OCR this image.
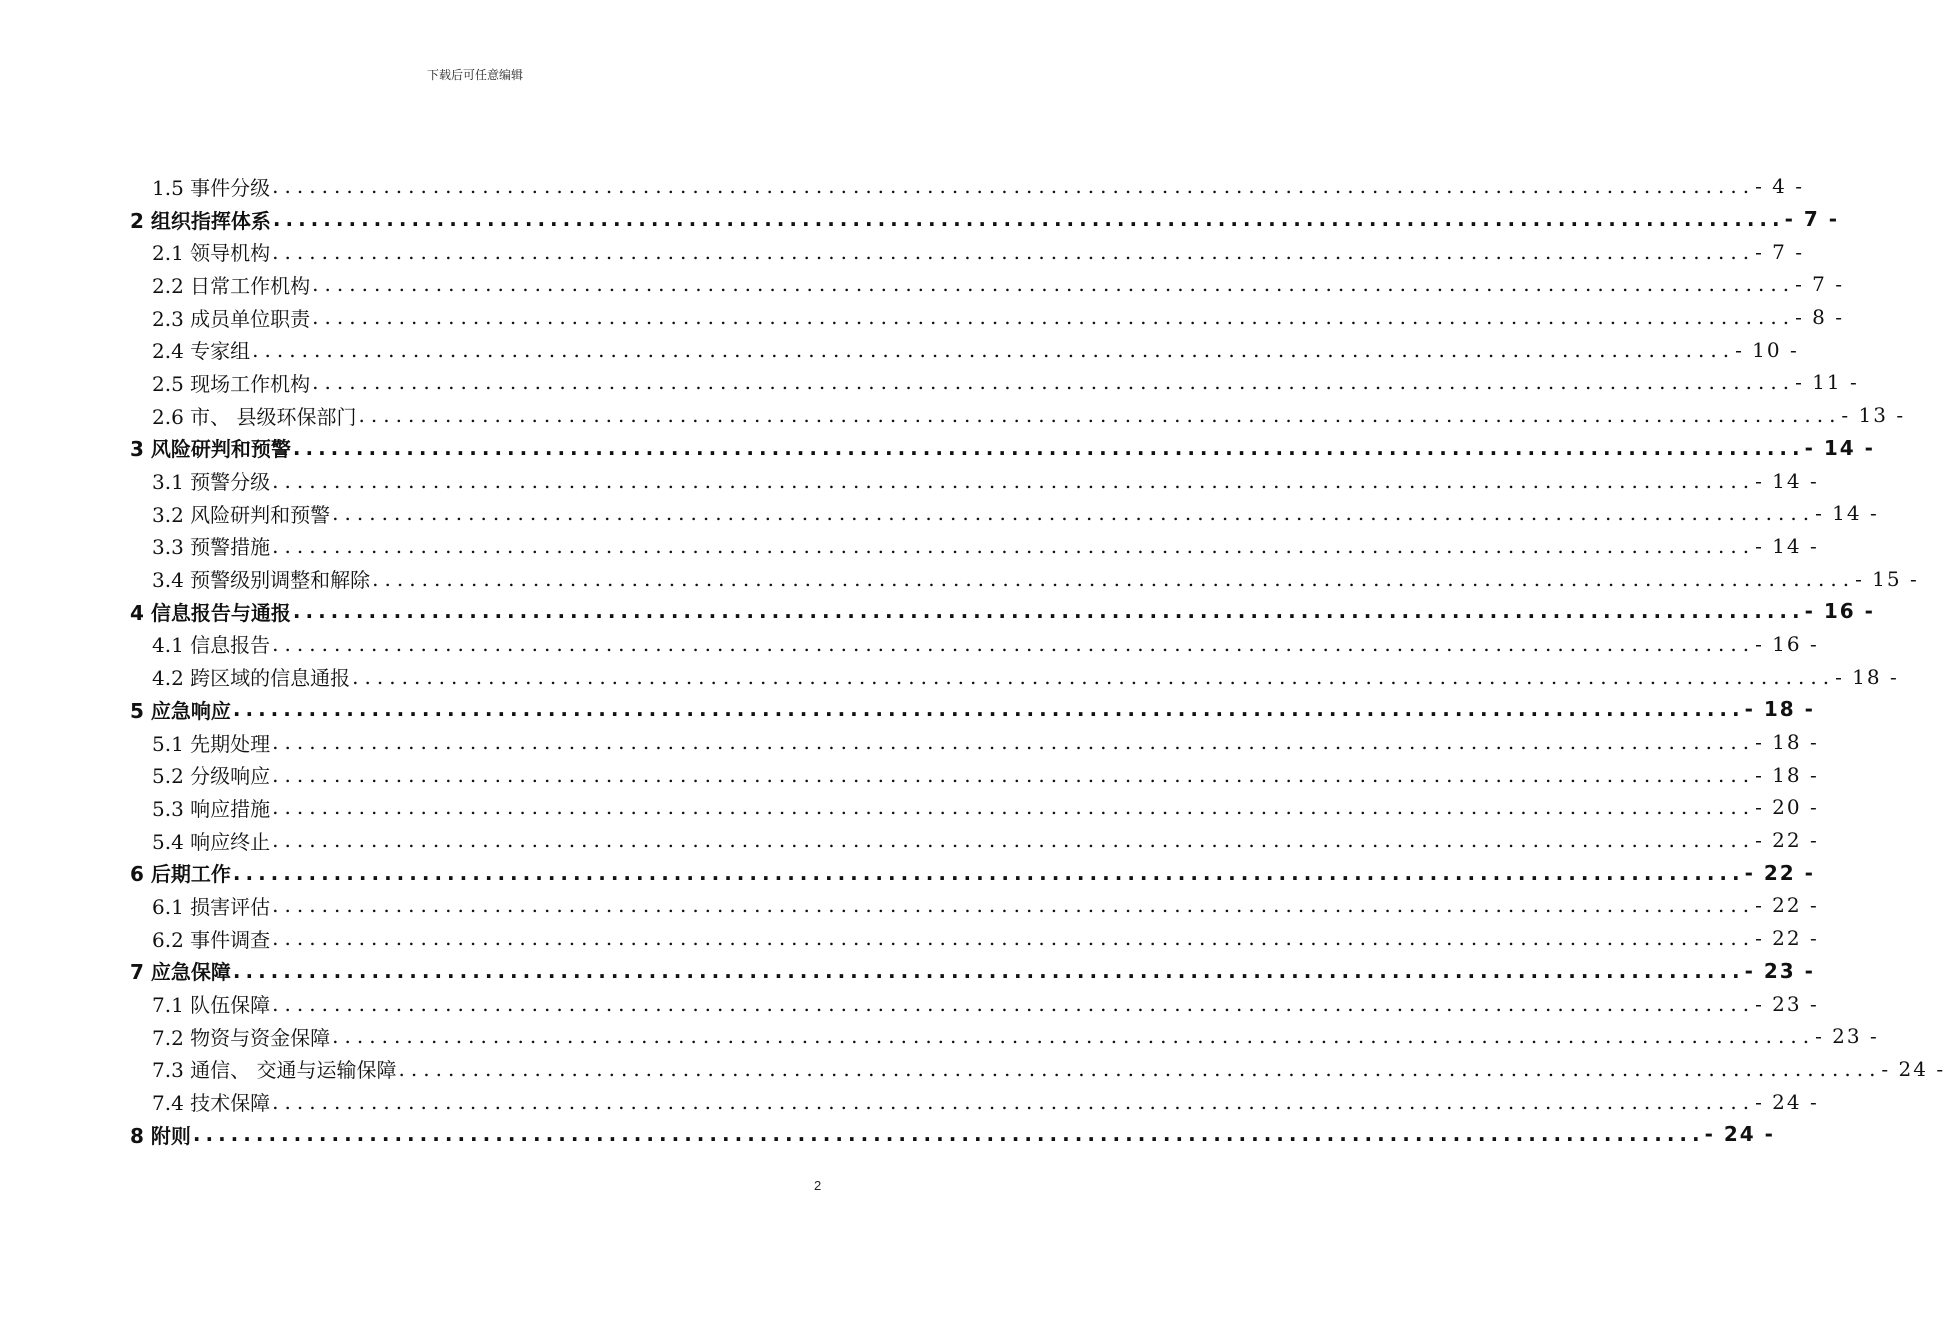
下载后可任意编辑
1.5 事件分级 ........................................................................................................................ - 4 -
2 组织指挥体系 ........................................................................................................................ - 7 -
2.1 领导机构 ........................................................................................................................ - 7 -
2.2 日常工作机构 ........................................................................................................................ - 7 -
2.3 成员单位职责 ........................................................................................................................ - 8 -
2.4 专家组 ........................................................................................................................ - 10 -
2.5 现场工作机构 ........................................................................................................................ - 11 -
2.6 市、 县级环保部门 ........................................................................................................................ - 13 -
3 风险研判和预警 ........................................................................................................................ - 14 -
3.1 预警分级 ........................................................................................................................ - 14 -
3.2 风险研判和预警 ........................................................................................................................ - 14 -
3.3 预警措施 ........................................................................................................................ - 14 -
3.4 预警级别调整和解除 ........................................................................................................................ - 15 -
4 信息报告与通报 ........................................................................................................................ - 16 -
4.1 信息报告 ........................................................................................................................ - 16 -
4.2 跨区域的信息通报 ........................................................................................................................ - 18 -
5 应急响应 ........................................................................................................................ - 18 -
5.1 先期处理 ........................................................................................................................ - 18 -
5.2 分级响应 ........................................................................................................................ - 18 -
5.3 响应措施 ........................................................................................................................ - 20 -
5.4 响应终止 ........................................................................................................................ - 22 -
6 后期工作 ........................................................................................................................ - 22 -
6.1 损害评估 ........................................................................................................................ - 22 -
6.2 事件调查 ........................................................................................................................ - 22 -
7 应急保障 ........................................................................................................................ - 23 -
7.1 队伍保障 ........................................................................................................................ - 23 -
7.2 物资与资金保障 ........................................................................................................................ - 23 -
7.3 通信、 交通与运输保障 ........................................................................................................................ - 24 -
7.4 技术保障 ........................................................................................................................ - 24 -
8 附则 ........................................................................................................................ - 24 -
2
